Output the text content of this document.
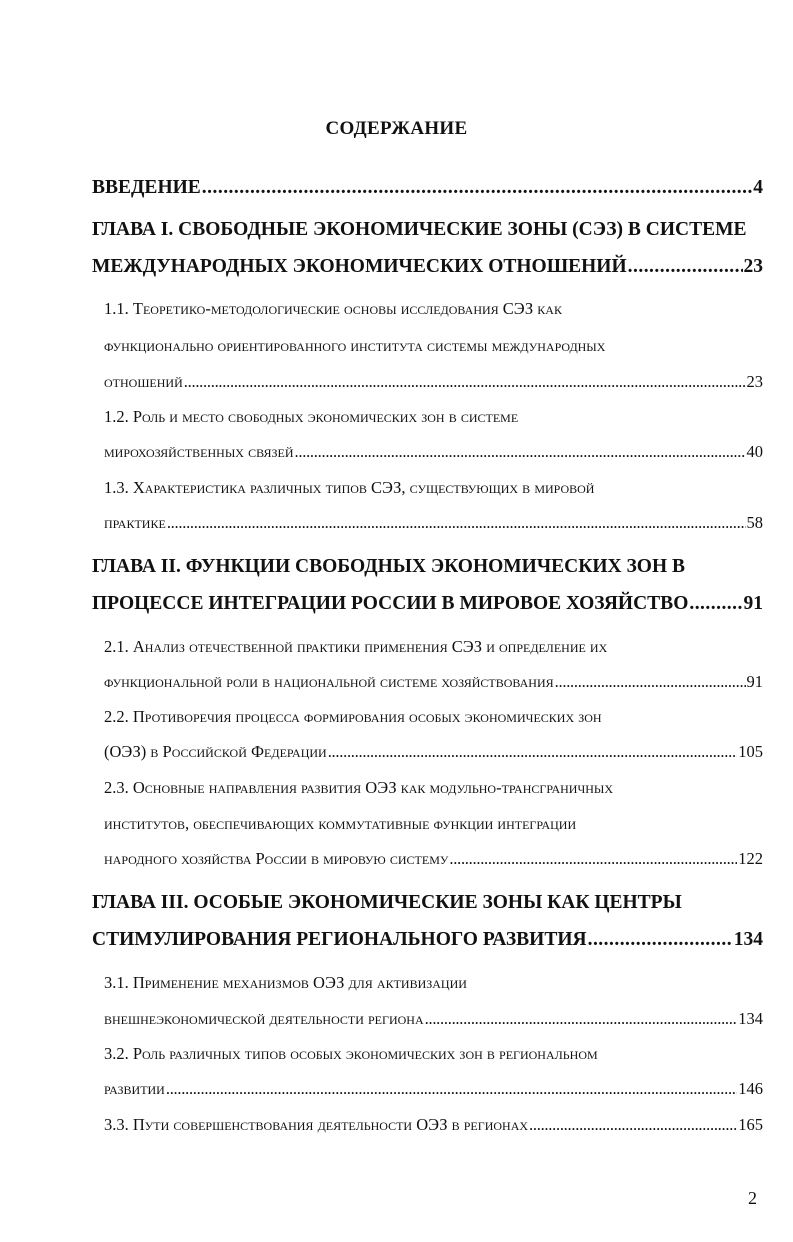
СОДЕРЖАНИЕ
ВВЕДЕНИЕ . . .	4
ГЛАВА I. СВОБОДНЫЕ ЭКОНОМИЧЕСКИЕ ЗОНЫ (СЭЗ) В СИСТЕМЕ
МЕЖДУНАРОДНЫХ ЭКОНОМИЧЕСКИХ ОТНОШЕНИЙ . . .	23
1.1. Теоретико-методологические основы исследования СЭЗ как
функционально ориентированного института системы международных
отношений . . .	23
1.2. Роль и место свободных экономических зон в системе
мирохозяйственных связей . . .	40
1.3. Характеристика различных типов СЭЗ, существующих в мировой
практике . . .	58
ГЛАВА II. ФУНКЦИИ СВОБОДНЫХ ЭКОНОМИЧЕСКИХ ЗОН В
ПРОЦЕССЕ ИНТЕГРАЦИИ РОССИИ В МИРОВОЕ ХОЗЯЙСТВО . . .	91
2.1. Анализ отечественной практики применения СЭЗ и определение их
функциональной роли в национальной системе хозяйствования . . .	91
2.2. Противоречия процесса формирования особых экономических зон
(ОЭЗ) в Российской Федерации . . .	105
2.3. Основные направления развития ОЭЗ как модульно-трансграничных
институтов, обеспечивающих коммутативные функции интеграции
народного хозяйства России в мировую систему . . .	122
ГЛАВА III. ОСОБЫЕ ЭКОНОМИЧЕСКИЕ ЗОНЫ КАК ЦЕНТРЫ
СТИМУЛИРОВАНИЯ РЕГИОНАЛЬНОГО РАЗВИТИЯ . . .	134
3.1. Применение механизмов ОЭЗ для активизации
внешнеэкономической деятельности региона . . .	134
3.2. Роль различных типов особых экономических зон в региональном
развитии . . .	146
3.3. Пути совершенствования деятельности ОЭЗ в регионах . . .	165
2
